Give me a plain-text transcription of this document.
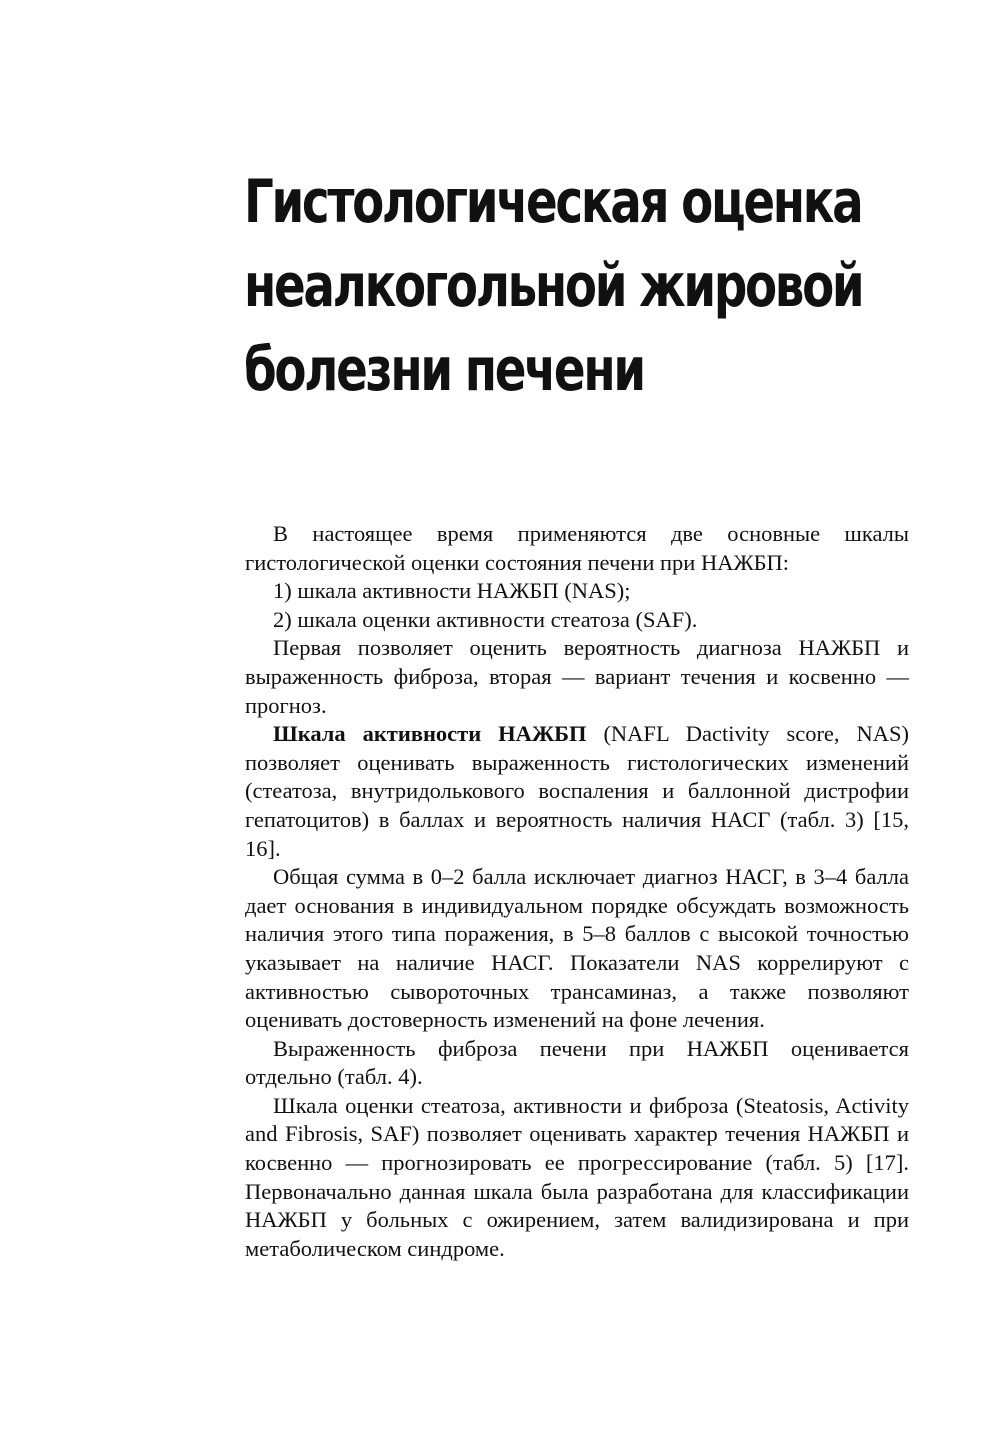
Гистологическая оценка
неалкогольной жировой
болезни печени

В настоящее время применяются две основные шкалы гистологической оценки состояния печени при НАЖБП:

1) шкала активности НАЖБП (NAS);

2) шкала оценки активности стеатоза (SAF).

Первая позволяет оценить вероятность диагноза НАЖБП и выраженность фиброза, вторая — вариант течения и косвенно — прогноз.

Шкала активности НАЖБП (NAFL Dactivity score, NAS) позволяет оценивать выраженность гистологических изменений (стеатоза, внутридолькового воспаления и баллонной дистрофии гепатоцитов) в баллах и вероятность наличия НАСГ (табл. 3) [15, 16].

Общая сумма в 0–2 балла исключает диагноз НАСГ, в 3–4 балла дает основания в индивидуальном порядке обсуждать возможность наличия этого типа поражения, в 5–8 баллов с высокой точностью указывает на наличие НАСГ. Показатели NAS коррелируют с активностью сывороточных трансаминаз, а также позволяют оценивать достоверность изменений на фоне лечения.

Выраженность фиброза печени при НАЖБП оценивается отдельно (табл. 4).

Шкала оценки стеатоза, активности и фиброза (Steatosis, Activity and Fibrosis, SAF) позволяет оценивать характер течения НАЖБП и косвенно — прогнозировать ее прогрессирование (табл. 5) [17]. Первоначально данная шкала была разработана для классификации НАЖБП у больных с ожирением, затем валидизирована и при метаболическом синдроме.
